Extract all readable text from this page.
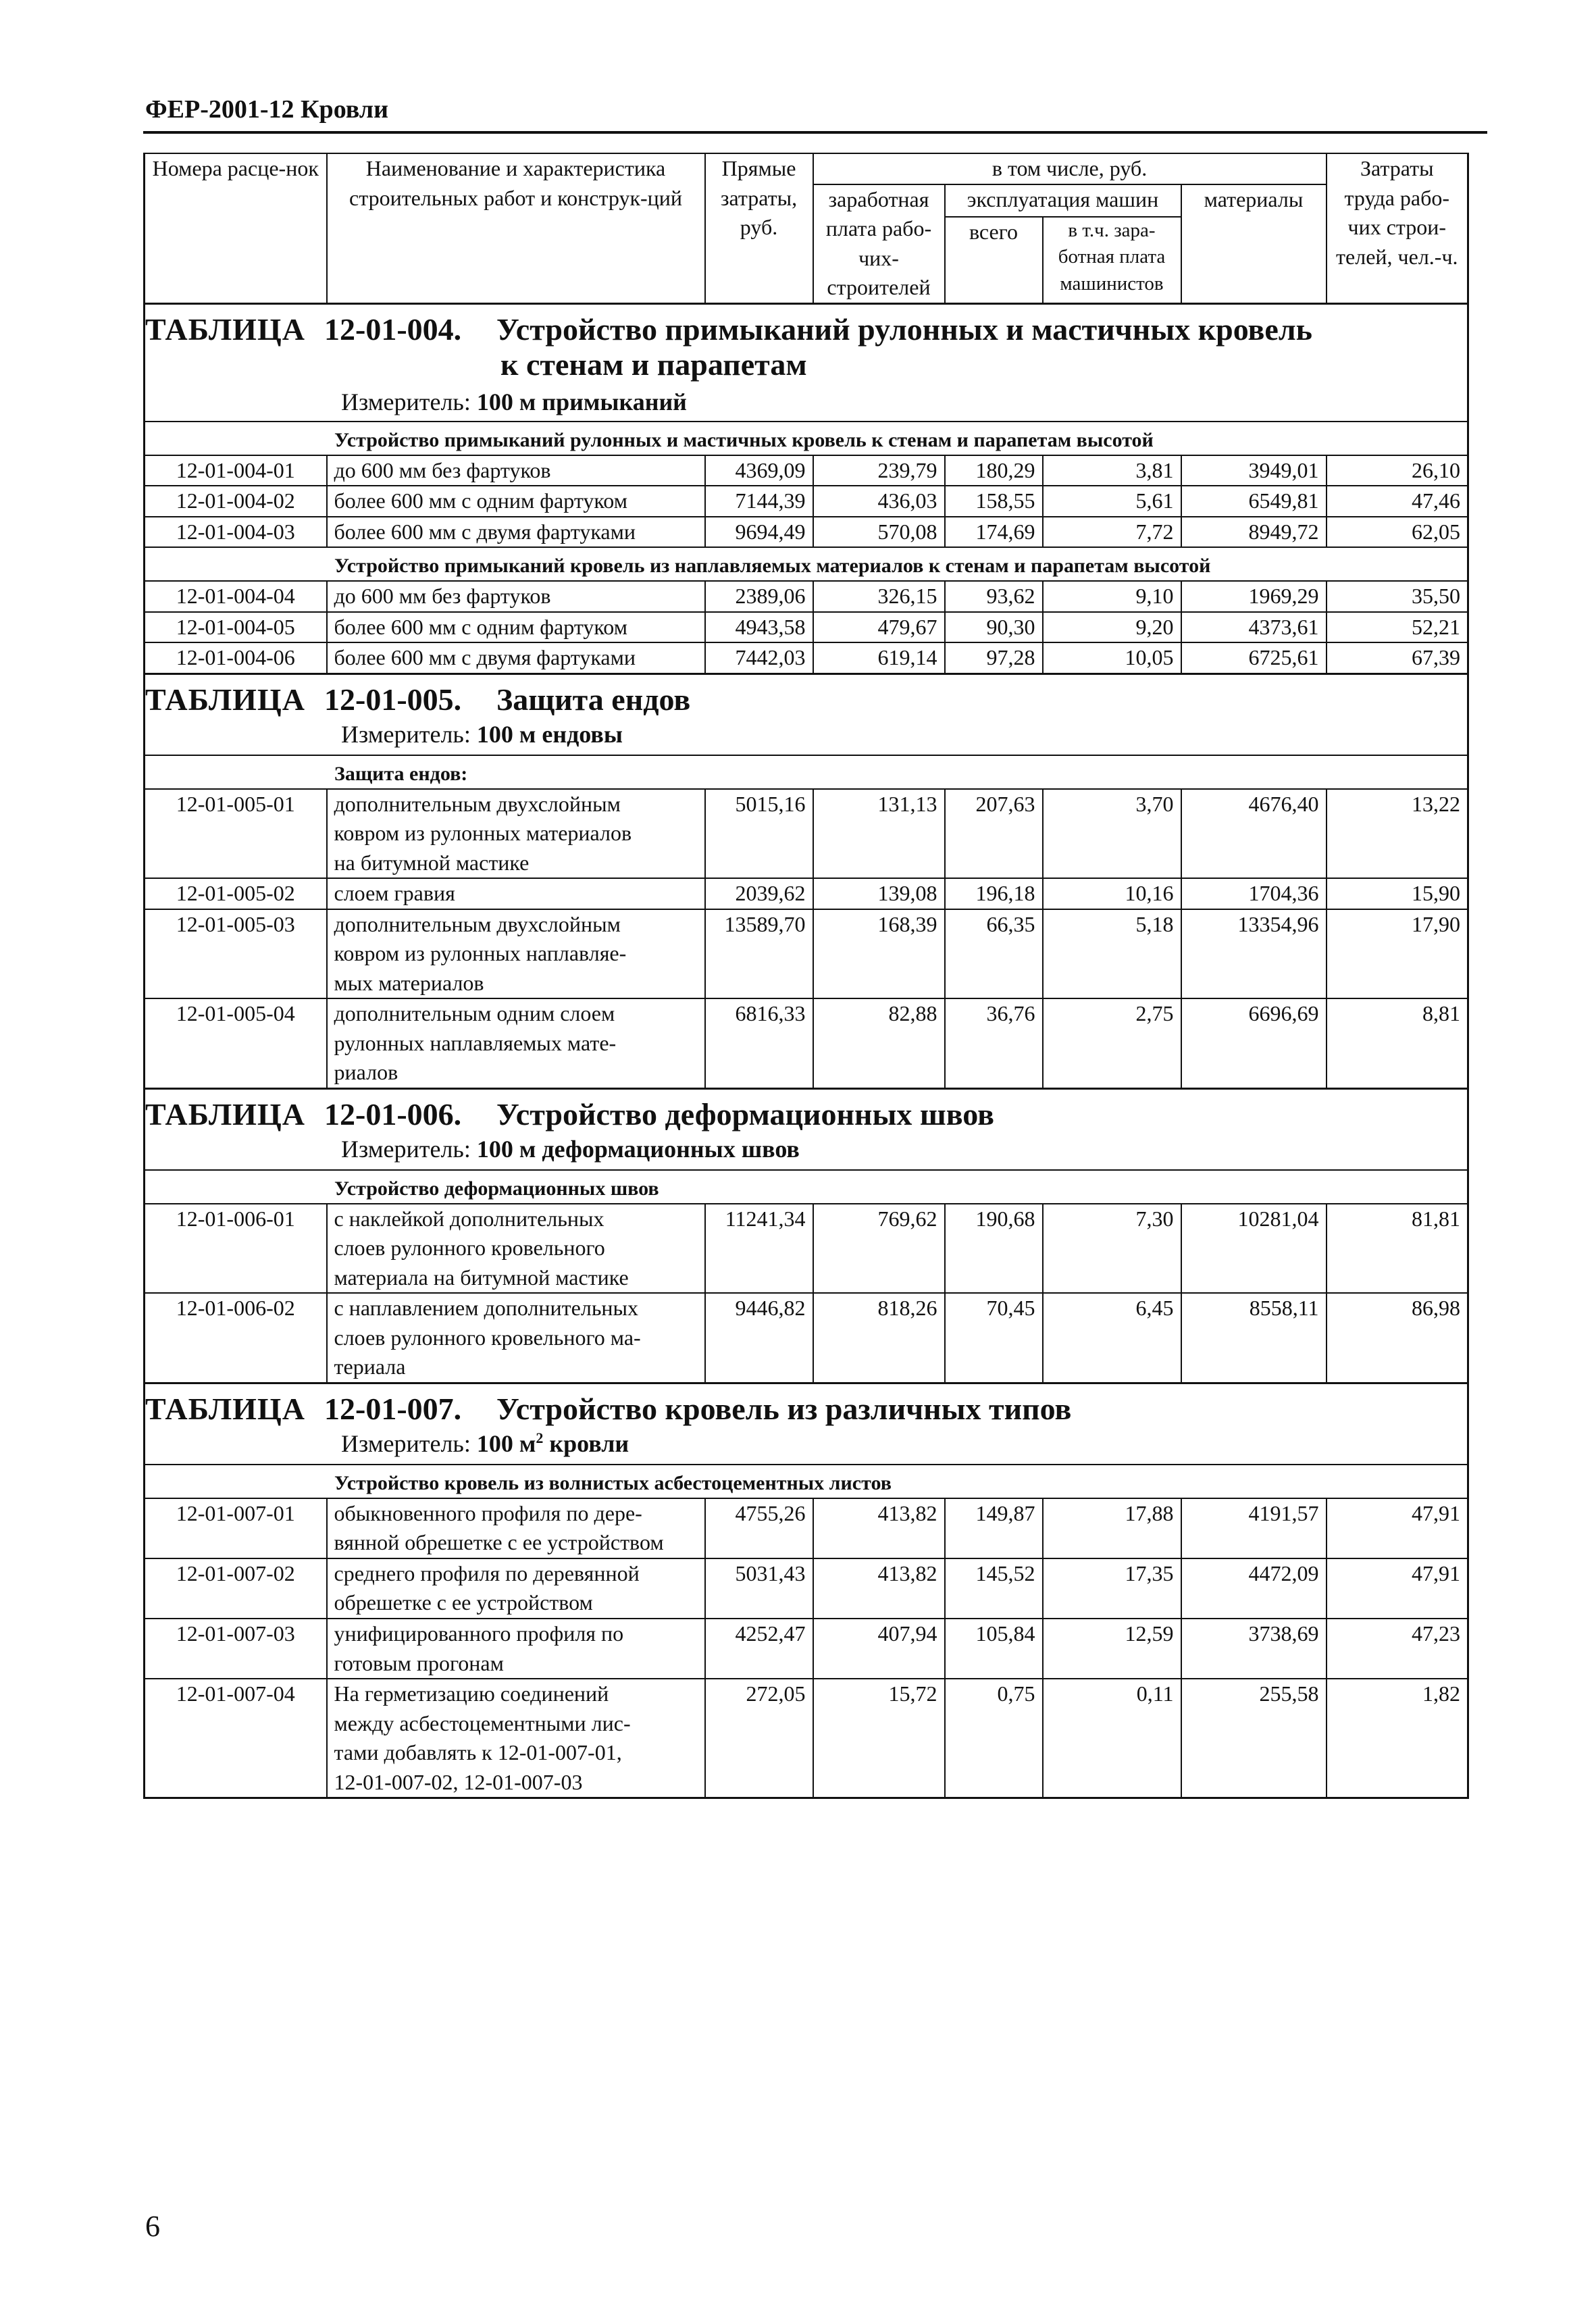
ФЕР-2001-12 Кровли
Номера расце-нок	Наименование и характеристика строительных работ и конструк-ций	Прямые затраты, руб.	в том числе, руб.				Затраты труда рабо-чих строи-телей, чел.-ч.
			заработная плата рабо-чих-строителей	эксплуатация машин		материалы	
				всего	в т.ч. зара-ботная плата машинистов		

ТАБЛИЦА 12-01-004. Устройство примыканий рулонных и мастичных кровель
к стенам и парапетам
Измеритель: 100 м примыканий							

Устройство примыканий рулонных и мастичных кровель к стенам и парапетам высотой							
12-01-004-01	до 600 мм без фартуков	4369,09	239,79	180,29	3,81	3949,01	26,10
12-01-004-02	более 600 мм с одним фартуком	7144,39	436,03	158,55	5,61	6549,81	47,46
12-01-004-03	более 600 мм с двумя фартуками	9694,49	570,08	174,69	7,72	8949,72	62,05
Устройство примыканий кровель из наплавляемых материалов к стенам и парапетам высотой							
12-01-004-04	до 600 мм без фартуков	2389,06	326,15	93,62	9,10	1969,29	35,50
12-01-004-05	более 600 мм с одним фартуком	4943,58	479,67	90,30	9,20	4373,61	52,21
12-01-004-06	более 600 мм с двумя фартуками	7442,03	619,14	97,28	10,05	6725,61	67,39

ТАБЛИЦА 12-01-005. Защита ендов
Измеритель: 100 м ендовы							

Защита ендов:							
12-01-005-01	дополнительным двухслойным
ковром из рулонных материалов
на битумной мастике	5015,16	131,13	207,63	3,70	4676,40	13,22
12-01-005-02	слоем гравия	2039,62	139,08	196,18	10,16	1704,36	15,90
12-01-005-03	дополнительным двухслойным
ковром из рулонных наплавляе-
мых материалов	13589,70	168,39	66,35	5,18	13354,96	17,90
12-01-005-04	дополнительным одним слоем
рулонных наплавляемых мате-
риалов	6816,33	82,88	36,76	2,75	6696,69	8,81

ТАБЛИЦА 12-01-006. Устройство деформационных швов
Измеритель: 100 м деформационных швов							

Устройство деформационных швов							
12-01-006-01	с наклейкой дополнительных
слоев рулонного кровельного
материала на битумной мастике	11241,34	769,62	190,68	7,30	10281,04	81,81
12-01-006-02	с наплавлением дополнительных
слоев рулонного кровельного ма-
териала	9446,82	818,26	70,45	6,45	8558,11	86,98

ТАБЛИЦА 12-01-007. Устройство кровель из различных типов
Измеритель: 100 $м^2$ кровли							

Устройство кровель из волнистых асбестоцементных листов							
12-01-007-01	обыкновенного профиля по дере-
вянной обрешетке с ее устройством	4755,26	413,82	149,87	17,88	4191,57	47,91
12-01-007-02	среднего профиля по деревянной
обрешетке с ее устройством	5031,43	413,82	145,52	17,35	4472,09	47,91
12-01-007-03	унифицированного профиля по
готовым прогонам	4252,47	407,94	105,84	12,59	3738,69	47,23
12-01-007-04	На герметизацию соединений
между асбестоцементными лис-
тами добавлять к 12-01-007-01,
12-01-007-02, 12-01-007-03	272,05	15,72	0,75	0,11	255,58	1,82
6
